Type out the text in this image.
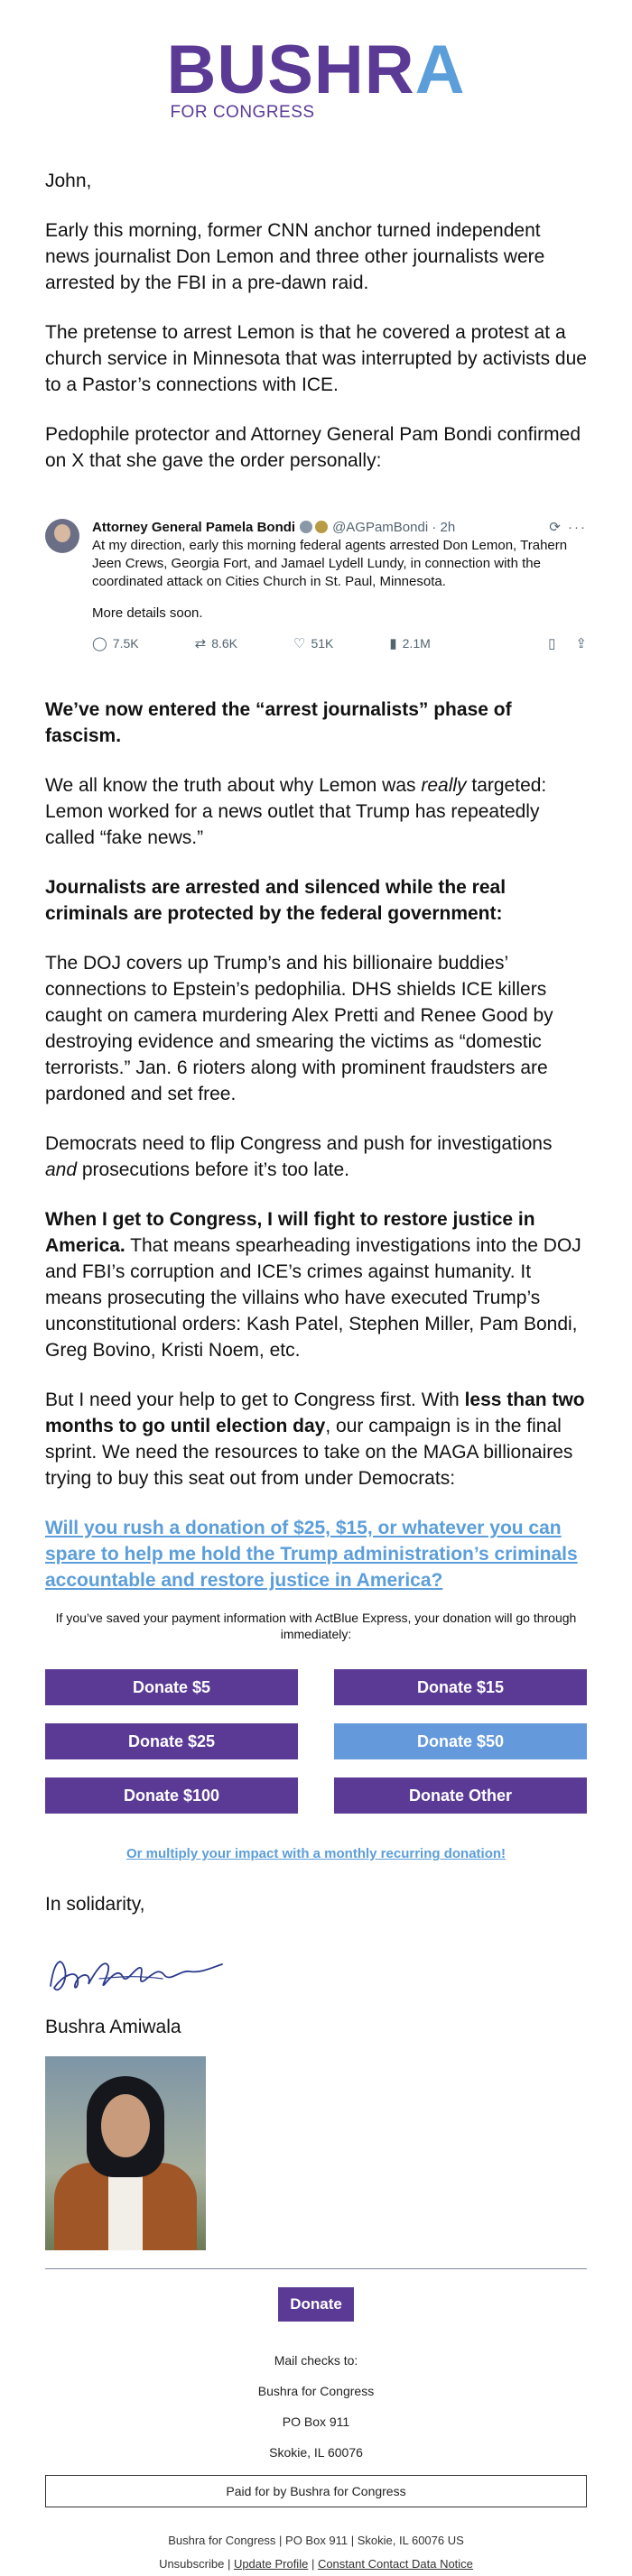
BUSHRA
FOR CONGRESS

John,

Early this morning, former CNN anchor turned independent news journalist Don Lemon and three other journalists were arrested by the FBI in a pre-dawn raid.

The pretense to arrest Lemon is that he covered a protest at a church service in Minnesota that was interrupted by activists due to a Pastor’s connections with ICE.

Pedophile protector and Attorney General Pam Bondi confirmed on X that she gave the order personally:

Attorney General Pamela Bondi	@AGPamBondi · 2h	⟳ ···
At my direction, early this morning federal agents arrested Don Lemon, Trahern Jeen Crews, Georgia Fort, and Jamael Lydell Lundy, in connection with the coordinated attack on Cities Church in St. Paul, Minnesota.
More details soon.
◯ 7.5K	⇄ 8.6K	♡ 51K	▮ 2.1M	▯ ⇪

We’ve now entered the “arrest journalists” phase of fascism.

We all know the truth about why Lemon was really targeted: Lemon worked for a news outlet that Trump has repeatedly called “fake news.”

Journalists are arrested and silenced while the real criminals are protected by the federal government:

The DOJ covers up Trump’s and his billionaire buddies’ connections to Epstein’s pedophilia. DHS shields ICE killers caught on camera murdering Alex Pretti and Renee Good by destroying evidence and smearing the victims as “domestic terrorists.” Jan. 6 rioters along with prominent fraudsters are pardoned and set free.

Democrats need to flip Congress and push for investigations and prosecutions before it’s too late.

When I get to Congress, I will fight to restore justice in America. That means spearheading investigations into the DOJ and FBI’s corruption and ICE’s crimes against humanity. It means prosecuting the villains who have executed Trump’s unconstitutional orders: Kash Patel, Stephen Miller, Pam Bondi, Greg Bovino, Kristi Noem, etc.

But I need your help to get to Congress first. With less than two months to go until election day, our campaign is in the final sprint. We need the resources to take on the MAGA billionaires trying to buy this seat out from under Democrats:

Will you rush a donation of $25, $15, or whatever you can spare to help me hold the Trump administration’s criminals accountable and restore justice in America?

If you’ve saved your payment information with ActBlue Express, your donation will go through immediately:

Donate $5	Donate $15
Donate $25	Donate $50
Donate $100	Donate Other
Or multiply your impact with a monthly recurring donation!
In solidarity,
Bushra Amiwala
Donate
Mail checks to:
Bushra for Congress
PO Box 911
Skokie, IL 60076
Paid for by Bushra for Congress
Bushra for Congress | PO Box 911 | Skokie, IL 60076 US
Unsubscribe | Update Profile | Constant Contact Data Notice
